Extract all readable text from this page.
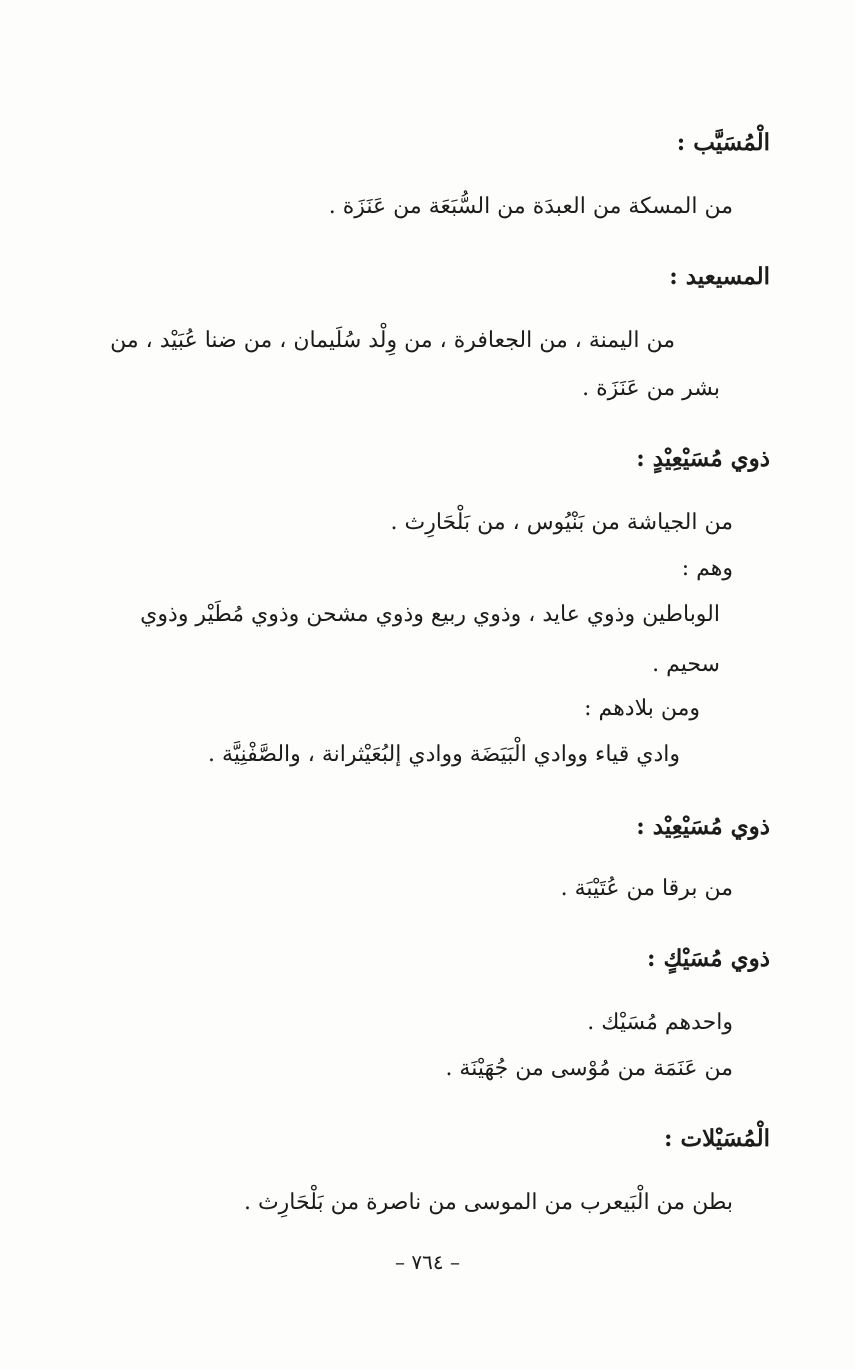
الْمُسَيَّب :
من المسكة من العبدَة من السُّبَعَة من عَنَزَة .
المسيعيد :
من اليمنة ، من الجعافرة ، من وِلْد سُلَيمان ، من ضنا عُبَيْد ، من
بشر من عَنَزَة .
ذوي مُسَيْعِيْدٍ :
من الجياشة من بَنْيُوس ، من بَلْحَارِث .
وهم :
الوباطين وذوي عايد ، وذوي ربيع وذوي مشحن وذوي مُطَيْر وذوي
سحيم .
ومن بلادهم :
وادي قياء ووادي الْبَيَضَة ووادي إلبُعَيْثرانة ، والصَّفْنِيَّة .
ذوي مُسَيْعِيْد :
من برقا من عُتَيْبَة .
ذوي مُسَيْكٍ :
واحدهم مُسَيْك .
من عَنَمَة من مُوْسى من جُهَيْنَة .
الْمُسَيْلات :
بطن من الْبَيعرب من الموسى من ناصرة من بَلْحَارِث .
– ٧٦٤ –
